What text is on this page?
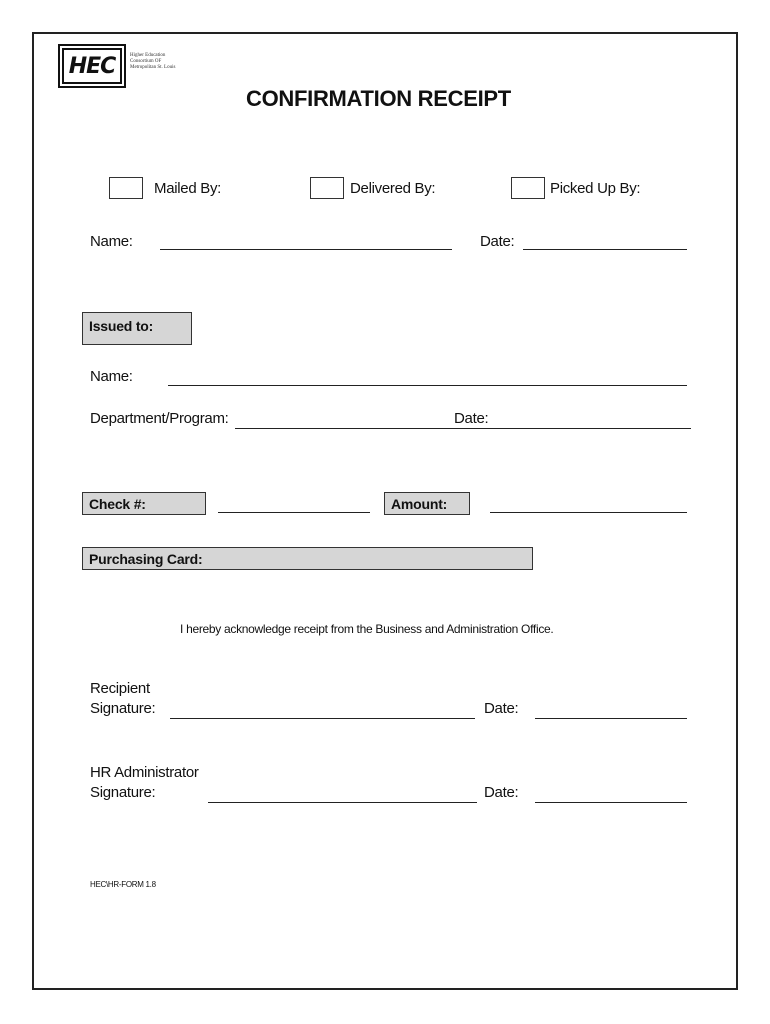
HEC	Higher Education
Consortium OF
Metropolitan St. Louis
CONFIRMATION RECEIPT
Mailed By:	Delivered By:	Picked Up By:
Name:	Date:
Issued to:
Name:
Department/Program:	Date:
Check #:	Amount:
Purchasing Card:
I hereby acknowledge receipt from the Business and Administration Office.
Recipient
Signature:	Date:
HR Administrator
Signature:	Date:
HEC\HR-FORM 1.8
